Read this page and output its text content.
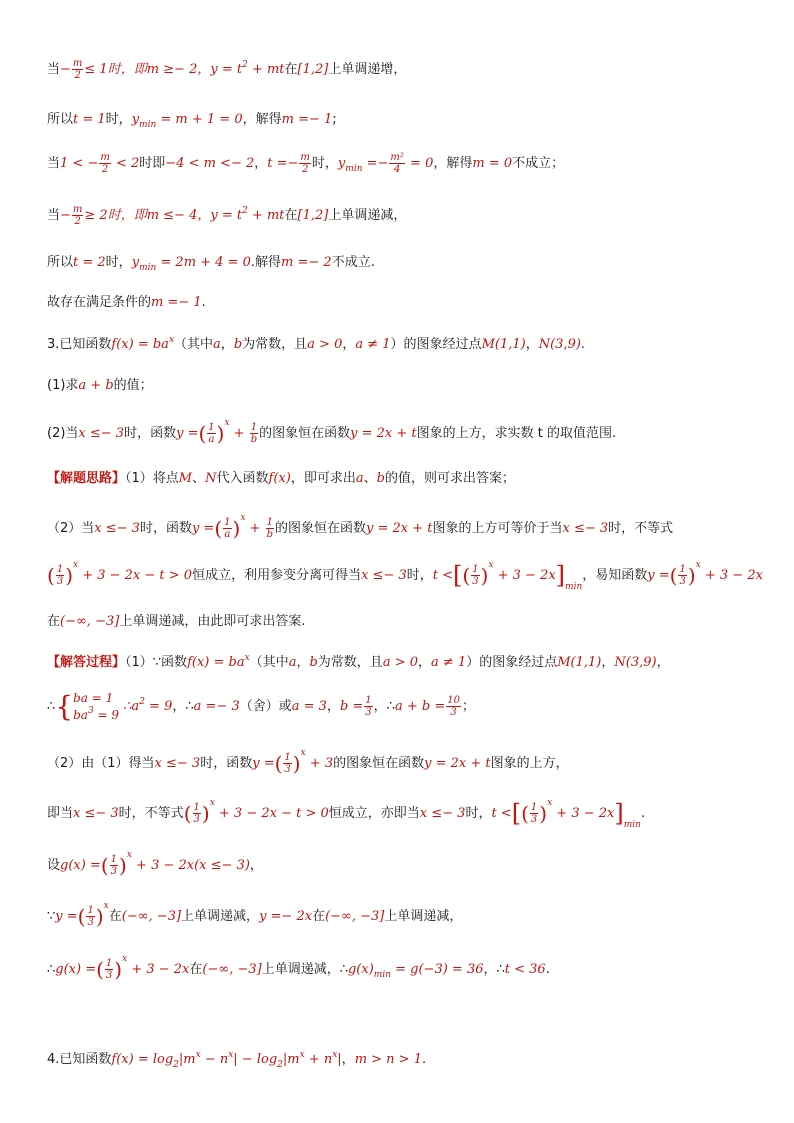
当− $\frac{m}{2} \le 1$时，即m ≥− 2，$y = t^2$ + mt在[1,2]上单调递增，
所以t = 1时，$y_{min} = m + 1 = 0$，解得m =− 1;
当1 < − $\frac{m}{2} < 2$时即−4 < m <− 2，$t =- \frac{m}{2}$ 时，$y_{min} =- \frac{\text{m²}}{4} = 0$，解得m = 0不成立；
当− $\frac{m}{2} \ge 2$时，即m ≤− 4，$y = t^2$ + mt在[1,2]上单调递减，
所以t = 2时，$y_{min} = 2m + 4 = 0$.解得m =− 2不成立.
故存在满足条件的m =− 1.
3.已知函数$f(x) = ba^x$（其中a，b为常数，且a > 0，a ≠ 1）的图象经过点M(1,1)，N(3,9).
(1)求a + b的值；
(2)当x ≤− 3时，函数y =( $\frac{1}{a} )^x + \frac{1}{b}$ 的图象恒在函数y = 2x + t图象的上方，求实数 t 的取值范围.
【解题思路】（1）将点M、N代入函数f(x)，即可求出a、b的值，则可求出答案；
（2）当x ≤− 3时，函数y =( $\frac{1}{a} )^x + \frac{1}{b}$ 的图象恒在函数y = 2x + t图象的上方可等价于当x ≤− 3时，不等式
( $\frac{1}{3} )^x + 3 - 2x - t > 0$恒成立，利用参变分离可得当x ≤− 3时，t <[( $\frac{1}{3} )^x + 3 - 2x]_{min}$，易知函数y =( $\frac{1}{3} )^x + 3 - 2x$
在(−∞, −3]上单调递减，由此即可求出答案.
【解答过程】（1）∵函数$f(x) = ba^x$（其中a，b为常数，且a > 0，a ≠ 1）的图象经过点M(1,1)，N(3,9)，
∴{ ba = 1
$ba^3 = 9$
$\therefore a^2 = 9$，∴a =− 3（舍）或a = 3，$b = \frac{1}{3}$ ，∴a + $b = \frac{10}{3}$ ；
（2）由（1）得当x ≤− 3时，函数y =( $\frac{1}{3} )^x + 3$的图象恒在函数y = 2x + t图象的上方，
即当x ≤− 3时，不等式( $\frac{1}{3} )^x + 3 - 2x - t > 0$恒成立，亦即当x ≤− 3时，t <[( $\frac{1}{3} )^x + 3 - 2x]_{min}$.
设g(x) =( $\frac{1}{3} )^x + 3 - 2x(x \le- 3)$，
∵y =( $\frac{1}{3} )^x$在(−∞, −3]上单调递减，y =− 2x在(−∞, −3]上单调递减，
∴g(x) =( $\frac{1}{3} )^x + 3 - 2x$在(−∞, −3]上单调递减，$\therefore g(x)_{min} = g(-3) = 36$，∴t < 36.
4.已知函数$f(x) = \log_2|m^x - n^x| - \log_2|m^x + n^x|$，m > n > 1.
